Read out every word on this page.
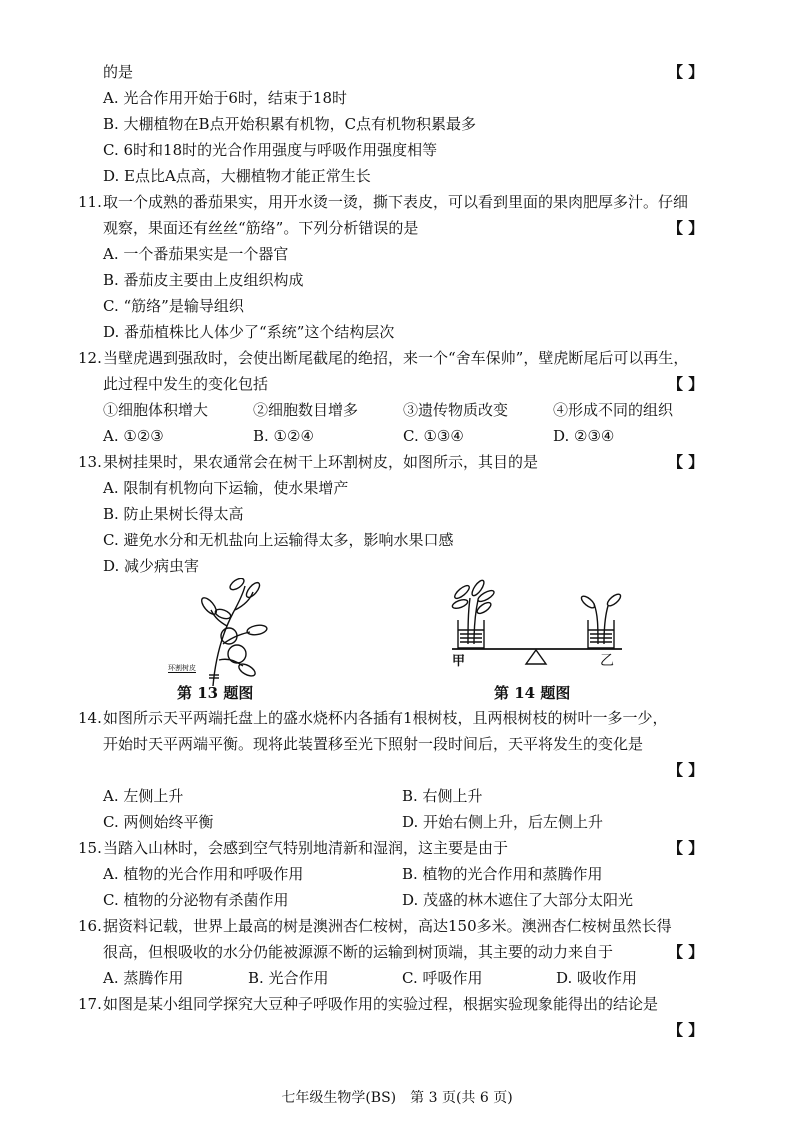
的是	【 】
A. 光合作用开始于6时，结束于18时
B. 大棚植物在B点开始积累有机物，C点有机物积累最多
C. 6时和18时的光合作用强度与呼吸作用强度相等
D. E点比A点高，大棚植物才能正常生长
11. 取一个成熟的番茄果实，用开水烫一烫，撕下表皮，可以看到里面的果肉肥厚多汁。仔细
观察，果面还有丝丝“筋络”。下列分析错误的是	【 】
A. 一个番茄果实是一个器官
B. 番茄皮主要由上皮组织构成
C. “筋络”是输导组织
D. 番茄植株比人体少了“系统”这个结构层次
12. 当壁虎遇到强敌时，会使出断尾截尾的绝招，来一个“舍车保帅”，壁虎断尾后可以再生，
此过程中发生的变化包括	【 】
①细胞体积增大	②细胞数目增多	③遗传物质改变	④形成不同的组织
A. ①②③	B. ①②④	C. ①③④	D. ②③④
13. 果树挂果时，果农通常会在树干上环割树皮，如图所示，其目的是	【 】
A. 限制有机物向下运输，使水果增产
B. 防止果树长得太高
C. 避免水分和无机盐向上运输得太多，影响水果口感
D. 减少病虫害
环割树皮	甲	乙
第 13 题图	第 14 题图
14. 如图所示天平两端托盘上的盛水烧杯内各插有1根树枝，且两根树枝的树叶一多一少，
开始时天平两端平衡。现将此装置移至光下照射一段时间后，天平将发生的变化是
【 】
A. 左侧上升	B. 右侧上升
C. 两侧始终平衡	D. 开始右侧上升，后左侧上升
15. 当踏入山林时，会感到空气特别地清新和湿润，这主要是由于	【 】
A. 植物的光合作用和呼吸作用	B. 植物的光合作用和蒸腾作用
C. 植物的分泌物有杀菌作用	D. 茂盛的林木遮住了大部分太阳光
16. 据资料记载，世界上最高的树是澳洲杏仁桉树，高达150多米。澳洲杏仁桉树虽然长得
很高，但根吸收的水分仍能被源源不断的运输到树顶端，其主要的动力来自于	【 】
A. 蒸腾作用	B. 光合作用	C. 呼吸作用	D. 吸收作用
17. 如图是某小组同学探究大豆种子呼吸作用的实验过程，根据实验现象能得出的结论是
【 】
七年级生物学(BS)　第 3 页(共 6 页)
